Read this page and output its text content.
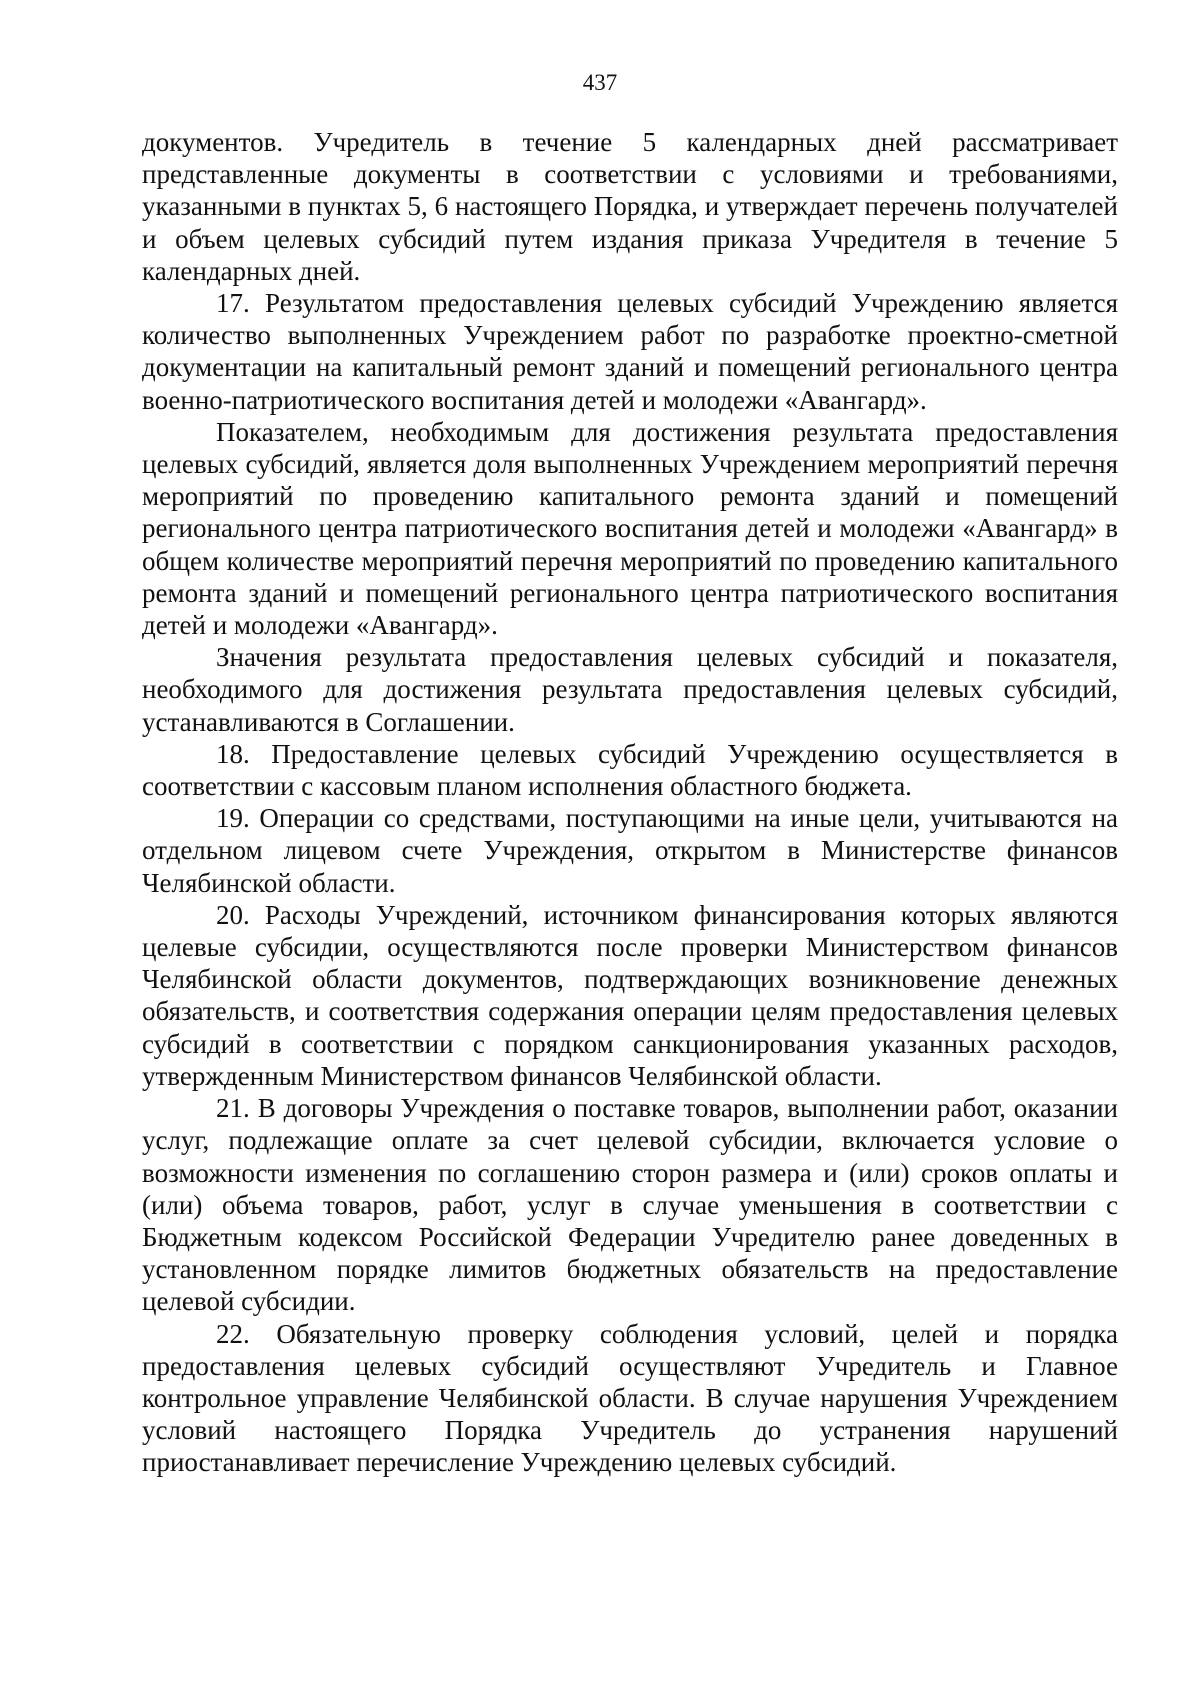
437

документов. Учредитель в течение 5 календарных дней рассматривает представленные документы в соответствии с условиями и требованиями, указанными в пунктах 5, 6 настоящего Порядка, и утверждает перечень получателей и объем целевых субсидий путем издания приказа Учредителя в течение 5 календарных дней.

17. Результатом предоставления целевых субсидий Учреждению является количество выполненных Учреждением работ по разработке проектно-сметной документации на капитальный ремонт зданий и помещений регионального центра военно-патриотического воспитания детей и молодежи «Авангард».

Показателем, необходимым для достижения результата предоставления целевых субсидий, является доля выполненных Учреждением мероприятий перечня мероприятий по проведению капитального ремонта зданий и помещений регионального центра патриотического воспитания детей и молодежи «Авангард» в общем количестве мероприятий перечня мероприятий по проведению капитального ремонта зданий и помещений регионального центра патриотического воспитания детей и молодежи «Авангард».

Значения результата предоставления целевых субсидий и показателя, необходимого для достижения результата предоставления целевых субсидий, устанавливаются в Соглашении.

18. Предоставление целевых субсидий Учреждению осуществляется в соответствии с кассовым планом исполнения областного бюджета.

19. Операции со средствами, поступающими на иные цели, учитываются на отдельном лицевом счете Учреждения, открытом в Министерстве финансов Челябинской области.

20. Расходы Учреждений, источником финансирования которых являются целевые субсидии, осуществляются после проверки Министерством финансов Челябинской области документов, подтверждающих возникновение денежных обязательств, и соответствия содержания операции целям предоставления целевых субсидий в соответствии с порядком санкционирования указанных расходов, утвержденным Министерством финансов Челябинской области.

21. В договоры Учреждения о поставке товаров, выполнении работ, оказании услуг, подлежащие оплате за счет целевой субсидии, включается условие о возможности изменения по соглашению сторон размера и (или) сроков оплаты и (или) объема товаров, работ, услуг в случае уменьшения в соответствии с Бюджетным кодексом Российской Федерации Учредителю ранее доведенных в установленном порядке лимитов бюджетных обязательств на предоставление целевой субсидии.

22. Обязательную проверку соблюдения условий, целей и порядка предоставления целевых субсидий осуществляют Учредитель и Главное контрольное управление Челябинской области. В случае нарушения Учреждением условий настоящего Порядка Учредитель до устранения нарушений приостанавливает перечисление Учреждению целевых субсидий.
